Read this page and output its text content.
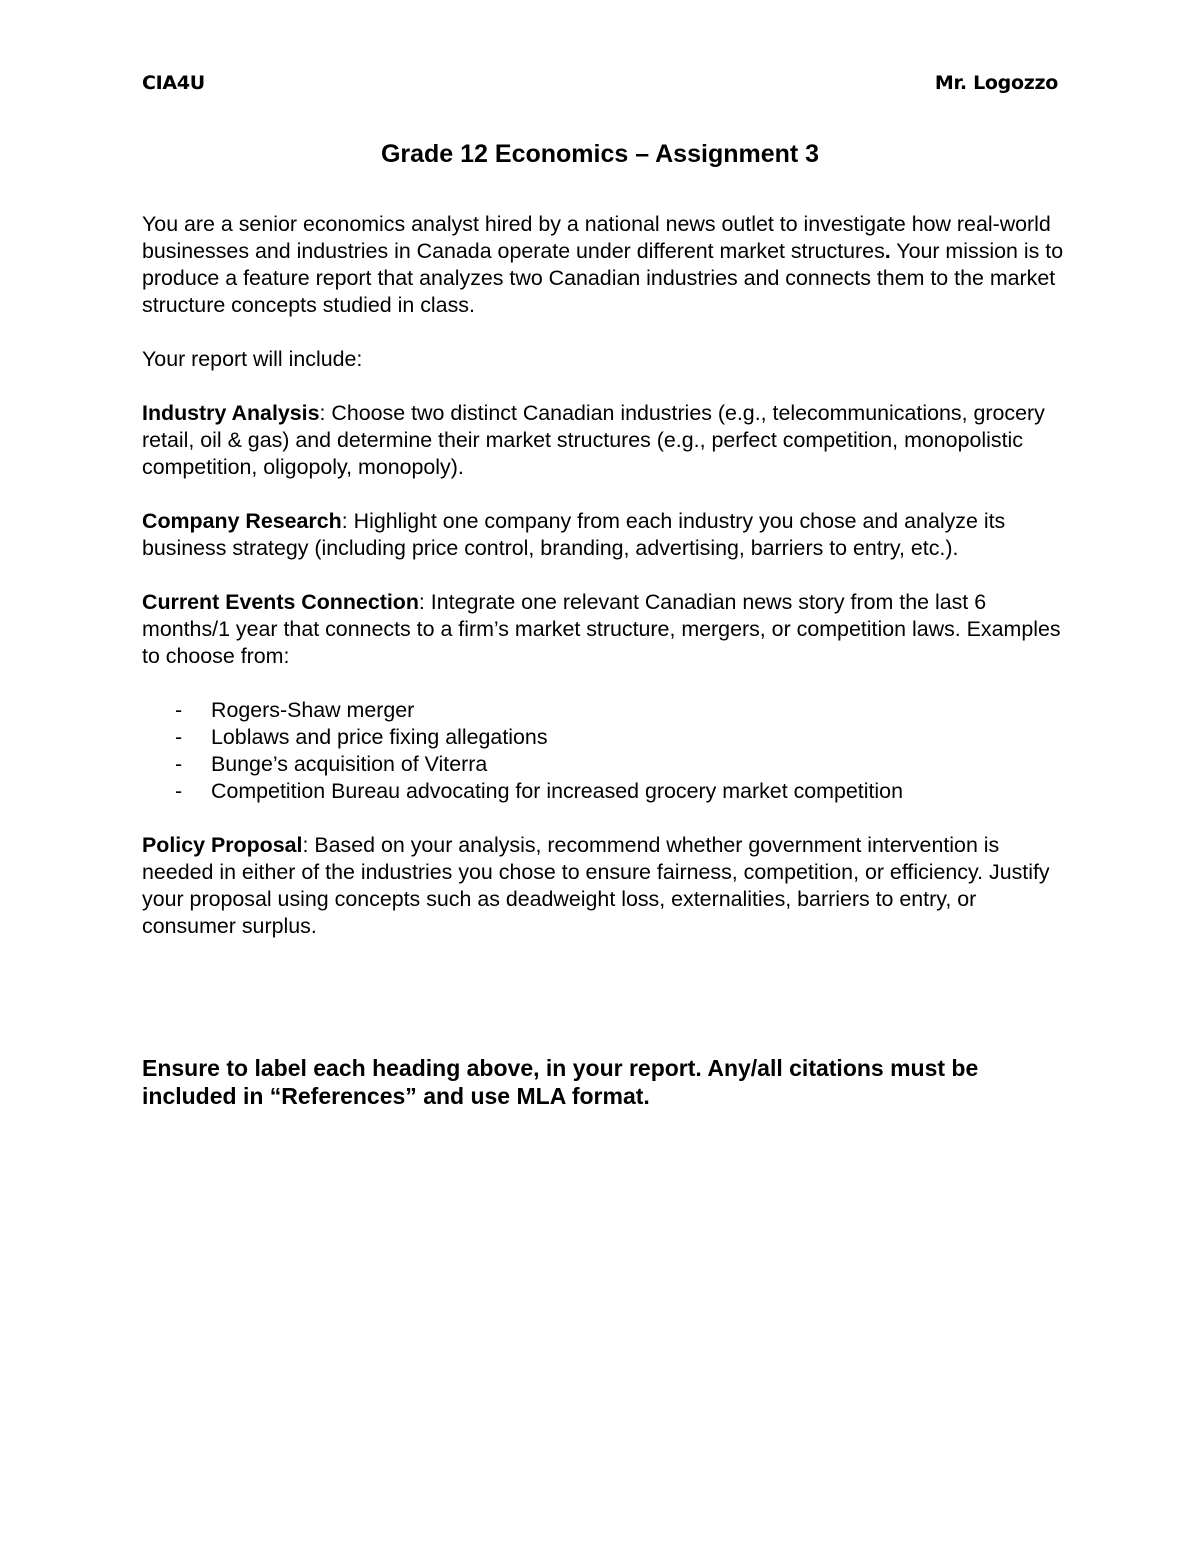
CIA4U	Mr. Logozzo
Grade 12 Economics – Assignment 3

You are a senior economics analyst hired by a national news outlet to investigate how real-world businesses and industries in Canada operate under different market structures. Your mission is to produce a feature report that analyzes two Canadian industries and connects them to the market structure concepts studied in class.

Your report will include:

Industry Analysis: Choose two distinct Canadian industries (e.g., telecommunications, grocery retail, oil & gas) and determine their market structures (e.g., perfect competition, monopolistic competition, oligopoly, monopoly).

Company Research: Highlight one company from each industry you chose and analyze its business strategy (including price control, branding, advertising, barriers to entry, etc.).

Current Events Connection: Integrate one relevant Canadian news story from the last 6 months/1 year that connects to a firm’s market structure, mergers, or competition laws. Examples to choose from:

- Rogers-Shaw merger
- Loblaws and price fixing allegations
- Bunge’s acquisition of Viterra
- Competition Bureau advocating for increased grocery market competition

Policy Proposal: Based on your analysis, recommend whether government intervention is needed in either of the industries you chose to ensure fairness, competition, or efficiency. Justify your proposal using concepts such as deadweight loss, externalities, barriers to entry, or consumer surplus.

Ensure to label each heading above, in your report. Any/all citations must be included in “References” and use MLA format.
